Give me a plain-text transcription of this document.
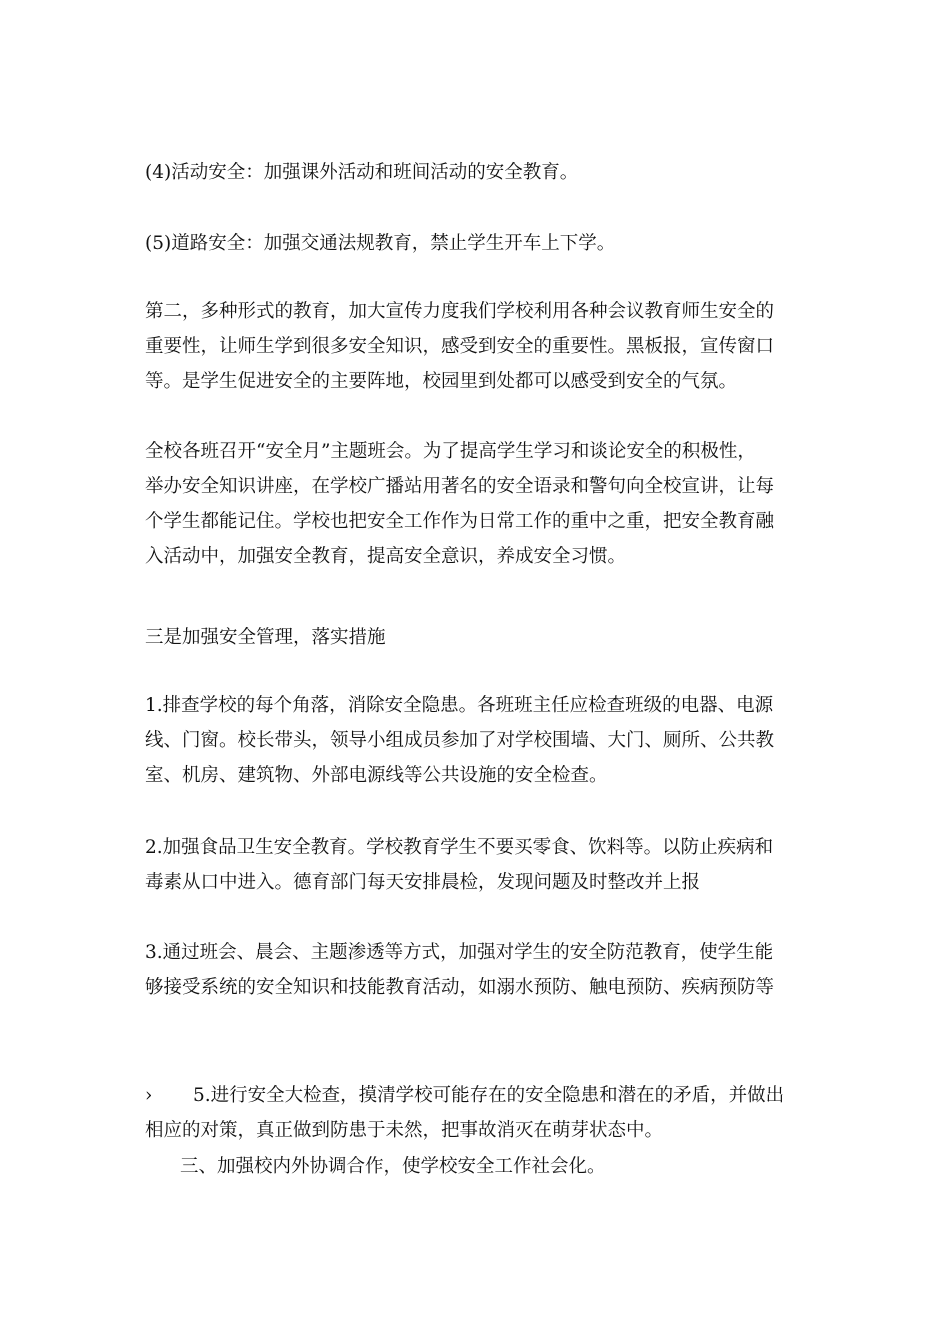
(4)活动安全：加强课外活动和班间活动的安全教育。

(5)道路安全：加强交通法规教育，禁止学生开车上下学。

第二，多种形式的教育，加大宣传力度我们学校利用各种会议教育师生安全的
重要性，让师生学到很多安全知识，感受到安全的重要性。黑板报，宣传窗口
等。是学生促进安全的主要阵地，校园里到处都可以感受到安全的气氛。

全校各班召开“安全月”主题班会。为了提高学生学习和谈论安全的积极性，
举办安全知识讲座，在学校广播站用著名的安全语录和警句向全校宣讲，让每
个学生都能记住。学校也把安全工作作为日常工作的重中之重，把安全教育融
入活动中，加强安全教育，提高安全意识，养成安全习惯。

三是加强安全管理，落实措施

1.排查学校的每个角落，消除安全隐患。各班班主任应检查班级的电器、电源
线、门窗。校长带头，领导小组成员参加了对学校围墙、大门、厕所、公共教
室、机房、建筑物、外部电源线等公共设施的安全检查。

2.加强食品卫生安全教育。学校教育学生不要买零食、饮料等。以防止疾病和
毒素从口中进入。德育部门每天安排晨检，发现问题及时整改并上报

3.通过班会、晨会、主题渗透等方式，加强对学生的安全防范教育，使学生能
够接受系统的安全知识和技能教育活动，如溺水预防、触电预防、疾病预防等

› 5.进行安全大检查，摸清学校可能存在的安全隐患和潜在的矛盾，并做出
相应的对策，真正做到防患于未然，把事故消灭在萌芽状态中。

三、加强校内外协调合作，使学校安全工作社会化。
